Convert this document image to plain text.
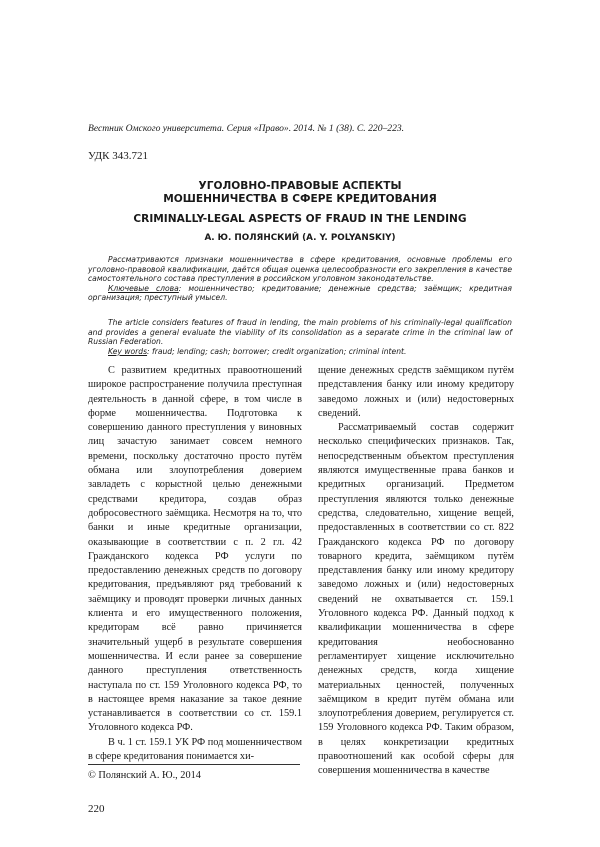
Вестник Омского университета. Серия «Право». 2014. № 1 (38). С. 220–223.
УДК 343.721
УГОЛОВНО-ПРАВОВЫЕ АСПЕКТЫ
МОШЕННИЧЕСТВА В СФЕРЕ КРЕДИТОВАНИЯ
CRIMINALLY-LEGAL ASPECTS OF FRAUD IN THE LENDING
А. Ю. ПОЛЯНСКИЙ (A. Y. POLYANSKIY)

Рассматриваются признаки мошенничества в сфере кредитования, основные проблемы его уголовно-правовой квалификации, даётся общая оценка целесообразности его закрепления в качестве самостоятельного состава преступления в российском уголовном законодательстве.

Ключевые слова: мошенничество; кредитование; денежные средства; заёмщик; кредитная организация; преступный умысел.

The article considers features of fraud in lending, the main problems of his criminally-legal qualification and provides a general evaluate the viability of its consolidation as a separate crime in the criminal law of Russian Federation.

Key words: fraud; lending; cash; borrower; credit organization; criminal intent.

С развитием кредитных правоотношений широкое распространение получила преступная деятельность в данной сфере, в том числе в форме мошенничества. Подготовка к совершению данного преступления у виновных лиц зачастую занимает совсем немного времени, поскольку достаточно просто путём обмана или злоупотребления доверием завладеть с корыстной целью денежными средствами кредитора, создав образ добросовестного заёмщика. Несмотря на то, что банки и иные кредитные организации, оказывающие в соответствии с п. 2 гл. 42 Гражданского кодекса РФ услуги по предоставлению денежных средств по договору кредитования, предъявляют ряд требований к заёмщику и проводят проверки личных данных клиента и его имущественного положения, кредиторам всё равно причиняется значительный ущерб в результате совершения мошенничества. И если ранее за совершение данного преступления ответственность наступала по ст. 159 Уголовного кодекса РФ, то в настоящее время наказание за такое деяние устанавливается в соответствии со ст. 159.1 Уголовного кодекса РФ.

В ч. 1 ст. 159.1 УК РФ под мошенничеством в сфере кредитования понимается хи-

щение денежных средств заёмщиком путём представления банку или иному кредитору заведомо ложных и (или) недостоверных сведений.

Рассматриваемый состав содержит несколько специфических признаков. Так, непосредственным объектом преступления являются имущественные права банков и кредитных организаций. Предметом преступления являются только денежные средства, следовательно, хищение вещей, предоставленных в соответствии со ст. 822 Гражданского кодекса РФ по договору товарного кредита, заёмщиком путём представления банку или иному кредитору заведомо ложных и (или) недостоверных сведений не охватывается ст. 159.1 Уголовного кодекса РФ. Данный подход к квалификации мошенничества в сфере кредитования необоснованно регламентирует хищение исключительно денежных средств, когда хищение материальных ценностей, полученных заёмщиком в кредит путём обмана или злоупотребления доверием, регулируется ст. 159 Уголовного кодекса РФ. Таким образом, в целях конкретизации кредитных правоотношений как особой сферы для совершения мошенничества в качестве

© Полянский А. Ю., 2014
220
